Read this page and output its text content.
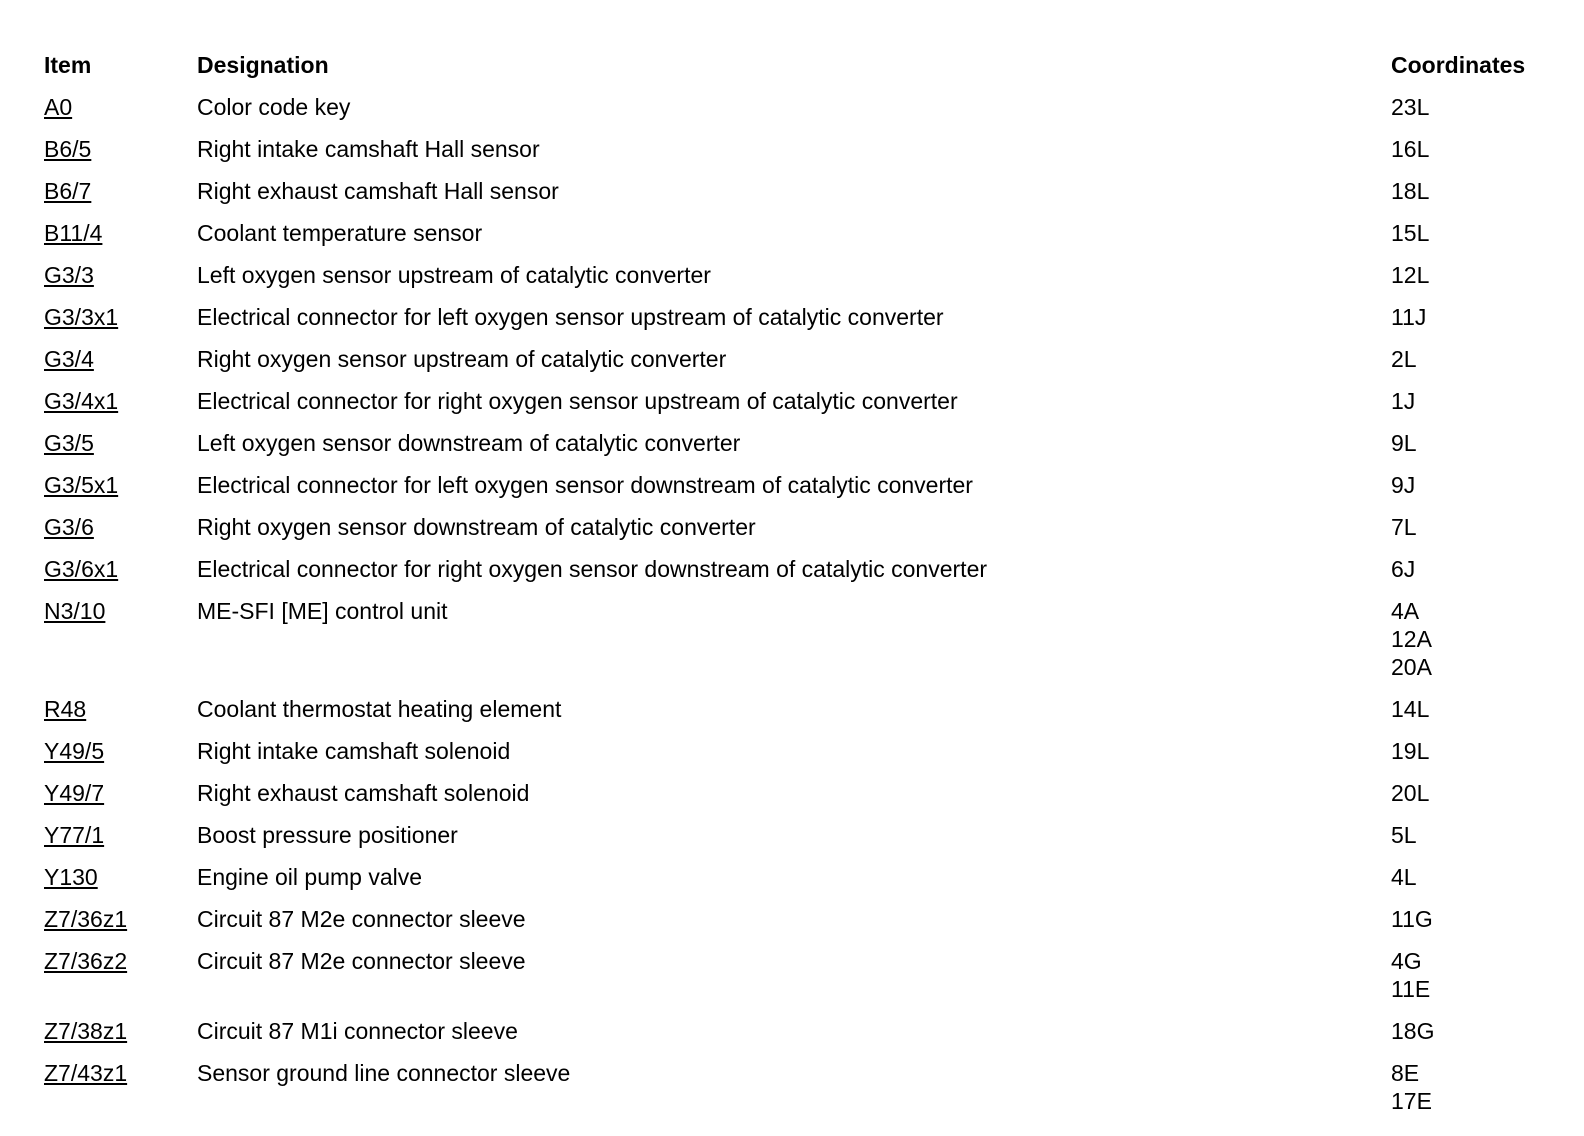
Item	Designation	Coordinates
A0	Color code key	23L
B6/5	Right intake camshaft Hall sensor	16L
B6/7	Right exhaust camshaft Hall sensor	18L
B11/4	Coolant temperature sensor	15L
G3/3	Left oxygen sensor upstream of catalytic converter	12L
G3/3x1	Electrical connector for left oxygen sensor upstream of catalytic converter	11J
G3/4	Right oxygen sensor upstream of catalytic converter	2L
G3/4x1	Electrical connector for right oxygen sensor upstream of catalytic converter	1J
G3/5	Left oxygen sensor downstream of catalytic converter	9L
G3/5x1	Electrical connector for left oxygen sensor downstream of catalytic converter	9J
G3/6	Right oxygen sensor downstream of catalytic converter	7L
G3/6x1	Electrical connector for right oxygen sensor downstream of catalytic converter	6J
N3/10	ME-SFI [ME] control unit	4A
12A
20A
R48	Coolant thermostat heating element	14L
Y49/5	Right intake camshaft solenoid	19L
Y49/7	Right exhaust camshaft solenoid	20L
Y77/1	Boost pressure positioner	5L
Y130	Engine oil pump valve	4L
Z7/36z1	Circuit 87 M2e connector sleeve	11G
Z7/36z2	Circuit 87 M2e connector sleeve	4G
11E
Z7/38z1	Circuit 87 M1i connector sleeve	18G
Z7/43z1	Sensor ground line connector sleeve	8E
17E
